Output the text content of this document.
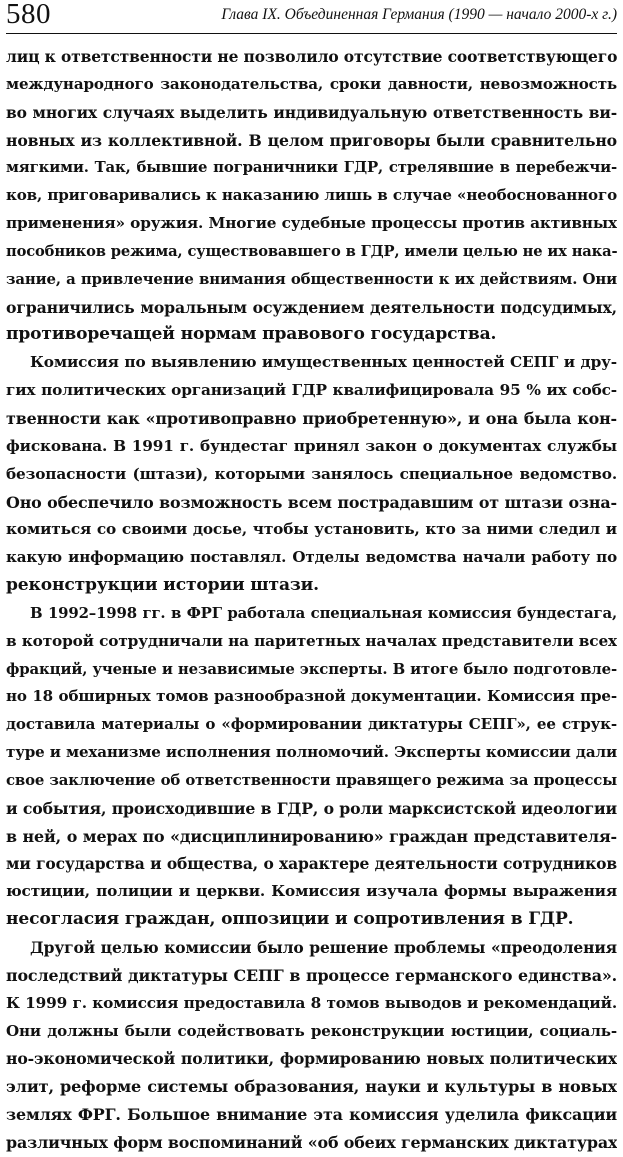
580	Глава IX. Объединенная Германия (1990 — начало 2000-х г.)
лиц к ответственности не позволило отсутствие соответствующего
международного законодательства, сроки давности, невозможность
во многих случаях выделить индивидуальную ответственность ви-
новных из коллективной. В целом приговоры были сравнительно
мягкими. Так, бывшие пограничники ГДР, стрелявшие в перебежчи-
ков, приговаривались к наказанию лишь в случае «необоснованного
применения» оружия. Многие судебные процессы против активных
пособников режима, существовавшего в ГДР, имели целью не их нака-
зание, а привлечение внимания общественности к их действиям. Они
ограничились моральным осуждением деятельности подсудимых,
противоречащей нормам правового государства.
Комиссия по выявлению имущественных ценностей СЕПГ и дру-
гих политических организаций ГДР квалифицировала 95 % их собс-
твенности как «противоправно приобретенную», и она была кон-
фискована. В 1991 г. бундестаг принял закон о документах службы
безопасности (штази), которыми занялось специальное ведомство.
Оно обеспечило возможность всем пострадавшим от штази озна-
комиться со своими досье, чтобы установить, кто за ними следил и
какую информацию поставлял. Отделы ведомства начали работу по
реконструкции истории штази.
В 1992–1998 гг. в ФРГ работала специальная комиссия бундестага,
в которой сотрудничали на паритетных началах представители всех
фракций, ученые и независимые эксперты. В итоге было подготовле-
но 18 обширных томов разнообразной документации. Комиссия пре-
доставила материалы о «формировании диктатуры СЕПГ», ее струк-
туре и механизме исполнения полномочий. Эксперты комиссии дали
свое заключение об ответственности правящего режима за процессы
и события, происходившие в ГДР, о роли марксистской идеологии
в ней, о мерах по «дисциплинированию» граждан представителя-
ми государства и общества, о характере деятельности сотрудников
юстиции, полиции и церкви. Комиссия изучала формы выражения
несогласия граждан, оппозиции и сопротивления в ГДР.
Другой целью комиссии было решение проблемы «преодоления
последствий диктатуры СЕПГ в процессе германского единства».
К 1999 г. комиссия предоставила 8 томов выводов и рекомендаций.
Они должны были содействовать реконструкции юстиции, социаль-
но-экономической политики, формированию новых политических
элит, реформе системы образования, науки и культуры в новых
землях ФРГ. Большое внимание эта комиссия уделила фиксации
различных форм воспоминаний «об обеих германских диктатурах
